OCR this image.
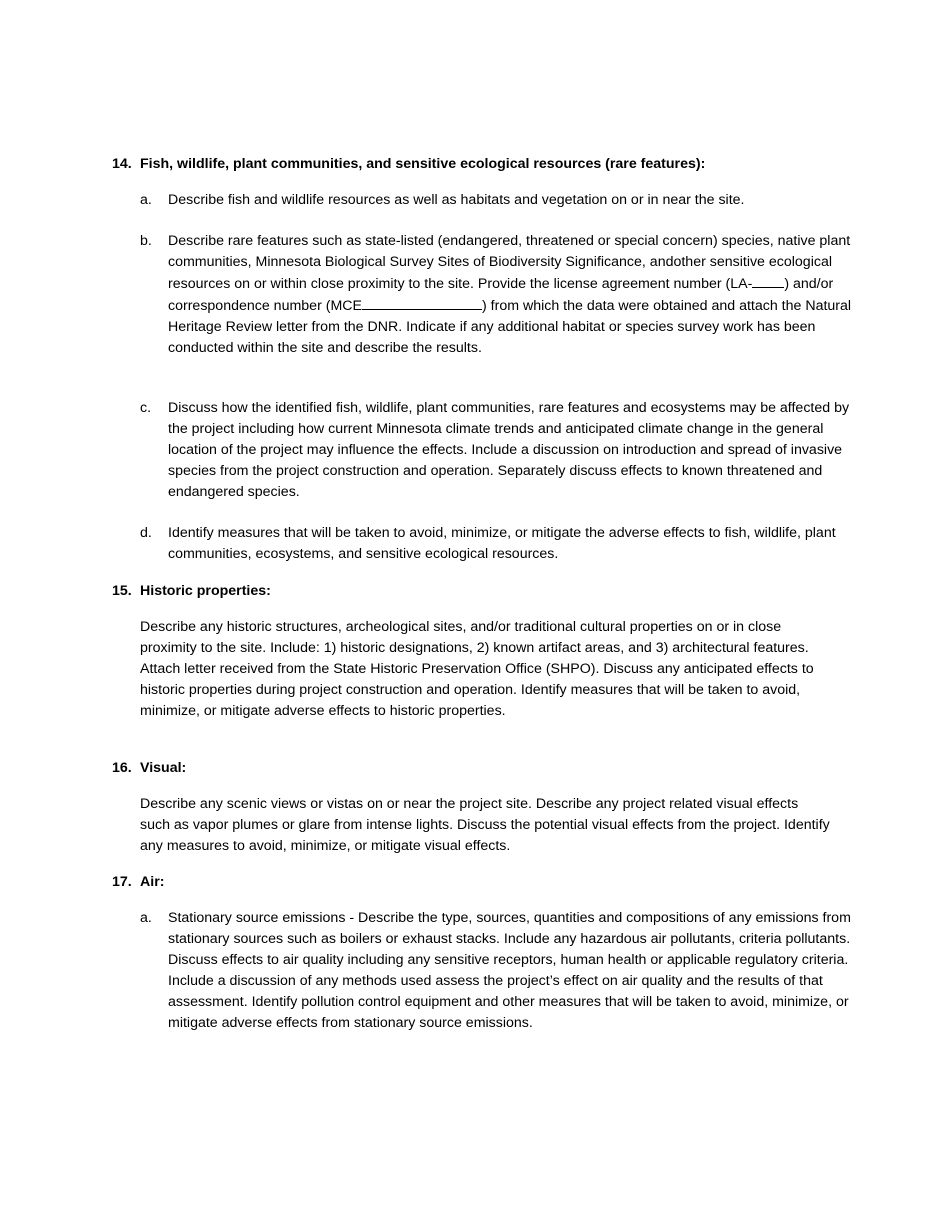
14. Fish, wildlife, plant communities, and sensitive ecological resources (rare features):
a.	Describe fish and wildlife resources as well as habitats and vegetation on or in near the site.
b.	Describe rare features such as state-listed (endangered, threatened or special concern) species, native plant communities, Minnesota Biological Survey Sites of Biodiversity Significance, andother sensitive ecological resources on or within close proximity to the site. Provide the license agreement number (LA- ) and/or correspondence number (MCE	) from which the data were obtained and attach the Natural Heritage Review letter from the DNR. Indicate if any additional habitat or species survey work has been conducted within the site and describe the results.
c.	Discuss how the identified fish, wildlife, plant communities, rare features and ecosystems may be affected by the project including how current Minnesota climate trends and anticipated climate change in the general location of the project may influence the effects. Include a discussion on introduction and spread of invasive species from the project construction and operation. Separately discuss effects to known threatened and endangered species.
d.	Identify measures that will be taken to avoid, minimize, or mitigate the adverse effects to fish, wildlife, plant communities, ecosystems, and sensitive ecological resources.
15. Historic properties:
Describe any historic structures, archeological sites, and/or traditional cultural properties on or in close proximity to the site. Include: 1) historic designations, 2) known artifact areas, and 3) architectural features. Attach letter received from the State Historic Preservation Office (SHPO). Discuss any anticipated effects to historic properties during project construction and operation. Identify measures that will be taken to avoid, minimize, or mitigate adverse effects to historic properties.
16. Visual:
Describe any scenic views or vistas on or near the project site. Describe any project related visual effects such as vapor plumes or glare from intense lights. Discuss the potential visual effects from the project. Identify any measures to avoid, minimize, or mitigate visual effects.
17. Air:
a.	Stationary source emissions - Describe the type, sources, quantities and compositions of any emissions from stationary sources such as boilers or exhaust stacks. Include any hazardous air pollutants, criteria pollutants. Discuss effects to air quality including any sensitive receptors, human health or applicable regulatory criteria. Include a discussion of any methods used assess the project’s effect on air quality and the results of that assessment. Identify pollution control equipment and other measures that will be taken to avoid, minimize, or mitigate adverse effects from stationary source emissions.
